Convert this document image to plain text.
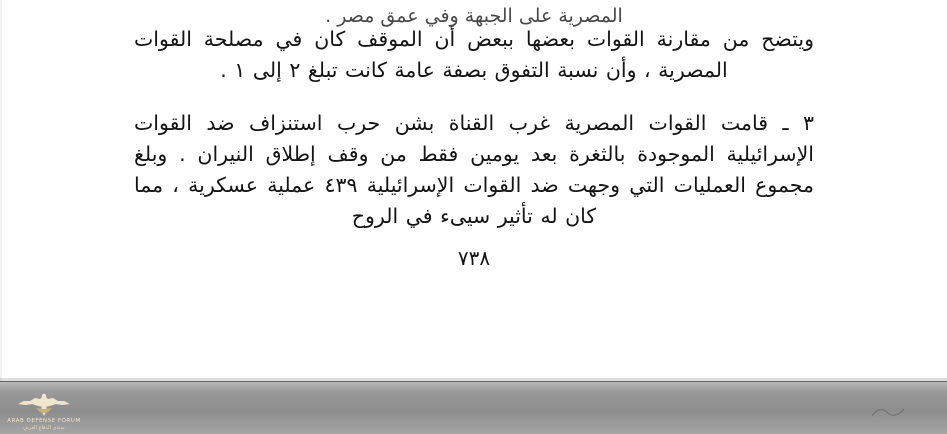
المصرية على الجبهة وفي عمق مصر .

ويتضح من مقارنة القوات بعضها ببعض أن الموقف كان في مصلحة القوات المصرية ، وأن نسبة التفوق بصفة عامة كانت تبلغ ٢ إلى ١ .

٣ ـ قامت القوات المصرية غرب القناة بشن حرب استنزاف ضد القوات الإسرائيلية الموجودة بالثغرة بعد يومين فقط من وقف إطلاق النيران . وبلغ مجموع العمليات التي وجهت ضد القوات الإسرائيلية ٤٣٩ عملية عسكرية ، مما كان له تأثير سيىء في الروح

٧٣٨
ARAB DEFENSE FORUM
منتدى الدفاع العربي
